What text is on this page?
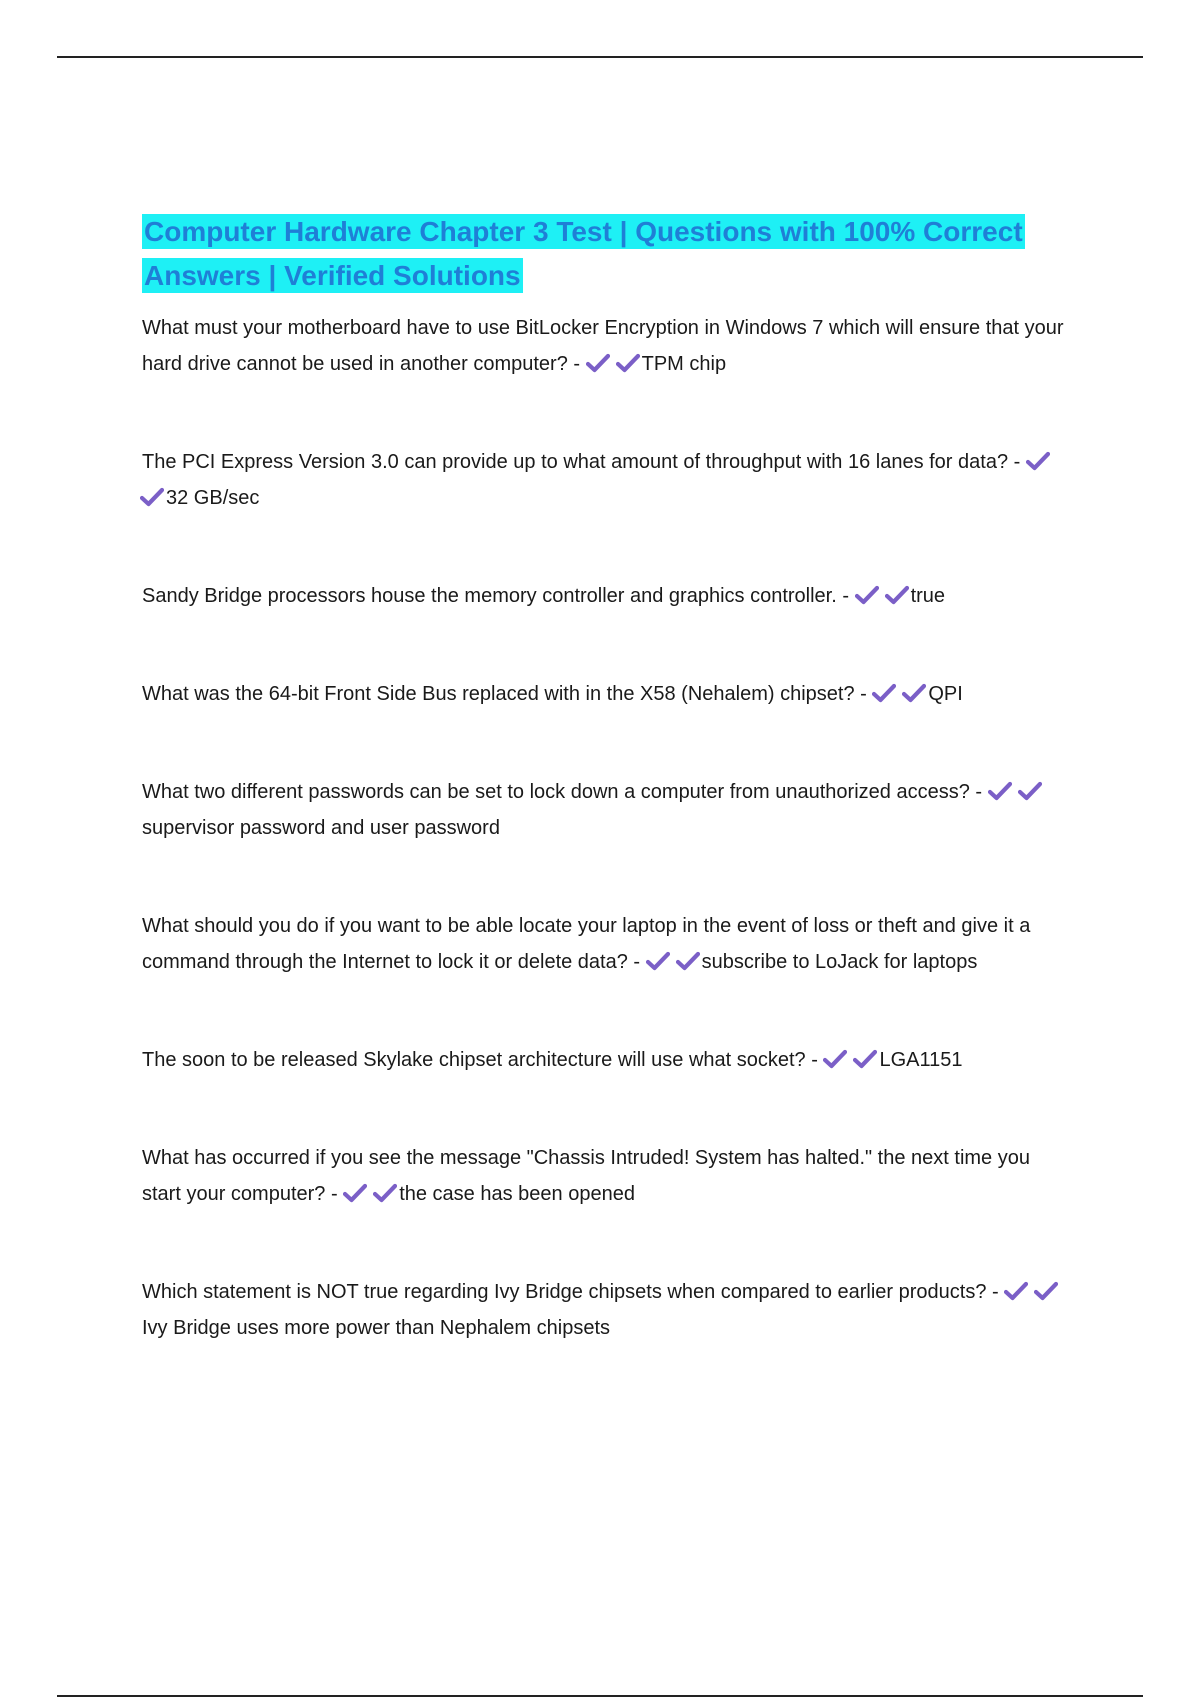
Computer Hardware Chapter 3 Test | Questions with 100% Correct Answers | Verified Solutions
What must your motherboard have to use BitLocker Encryption in Windows 7 which will ensure that your hard drive cannot be used in another computer? -	TPM chip
The PCI Express Version 3.0 can provide up to what amount of throughput with 16 lanes for data? -
32 GB/sec
Sandy Bridge processors house the memory controller and graphics controller. -	true
What was the 64-bit Front Side Bus replaced with in the X58 (Nehalem) chipset? -	QPI
What two different passwords can be set to lock down a computer from unauthorized access? -
supervisor password and user password
What should you do if you want to be able locate your laptop in the event of loss or theft and give it a command through the Internet to lock it or delete data? -	subscribe to LoJack for laptops
The soon to be released Skylake chipset architecture will use what socket? -	LGA1151
What has occurred if you see the message "Chassis Intruded! System has halted." the next time you start your computer? -	the case has been opened
Which statement is NOT true regarding Ivy Bridge chipsets when compared to earlier products? -
Ivy Bridge uses more power than Nephalem chipsets
